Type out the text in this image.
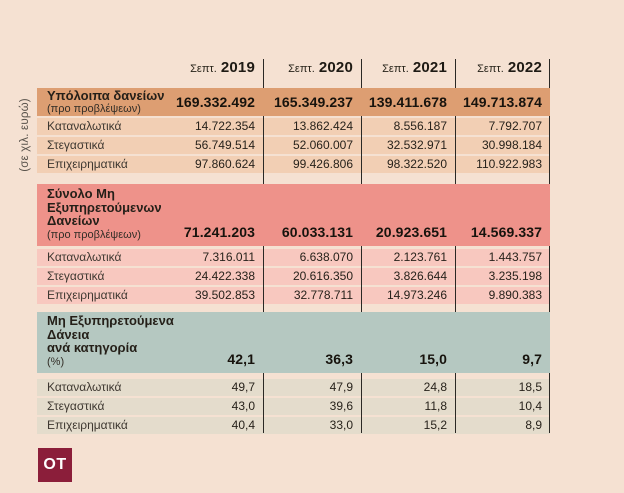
(σε χιλ. ευρώ)
Σεπτ. 2019	Σεπτ. 2020	Σεπτ. 2021	Σεπτ. 2022
Υπόλοιπα δανείων
(προ προβλέψεων)	169.332.492	165.349.237	139.411.678	149.713.874
Καταναλωτικά	14.722.354	13.862.424	8.556.187	7.792.707
Στεγαστικά	56.749.514	52.060.007	32.532.971	30.998.184
Επιχειρηματικά	97.860.624	99.426.806	98.322.520	110.922.983
Σύνολο Μη
Εξυπηρετούμενων
Δανείων
(προ προβλέψεων)	71.241.203	60.033.131	20.923.651	14.569.337
Καταναλωτικά	7.316.011	6.638.070	2.123.761	1.443.757
Στεγαστικά	24.422.338	20.616.350	3.826.644	3.235.198
Επιχειρηματικά	39.502.853	32.778.711	14.973.246	9.890.383
Μη Εξυπηρετούμενα
Δάνεια
ανά κατηγορία
(%)	42,1	36,3	15,0	9,7
Καταναλωτικά	49,7	47,9	24,8	18,5
Στεγαστικά	43,0	39,6	11,8	10,4
Επιχειρηματικά	40,4	33,0	15,2	8,9
OT
